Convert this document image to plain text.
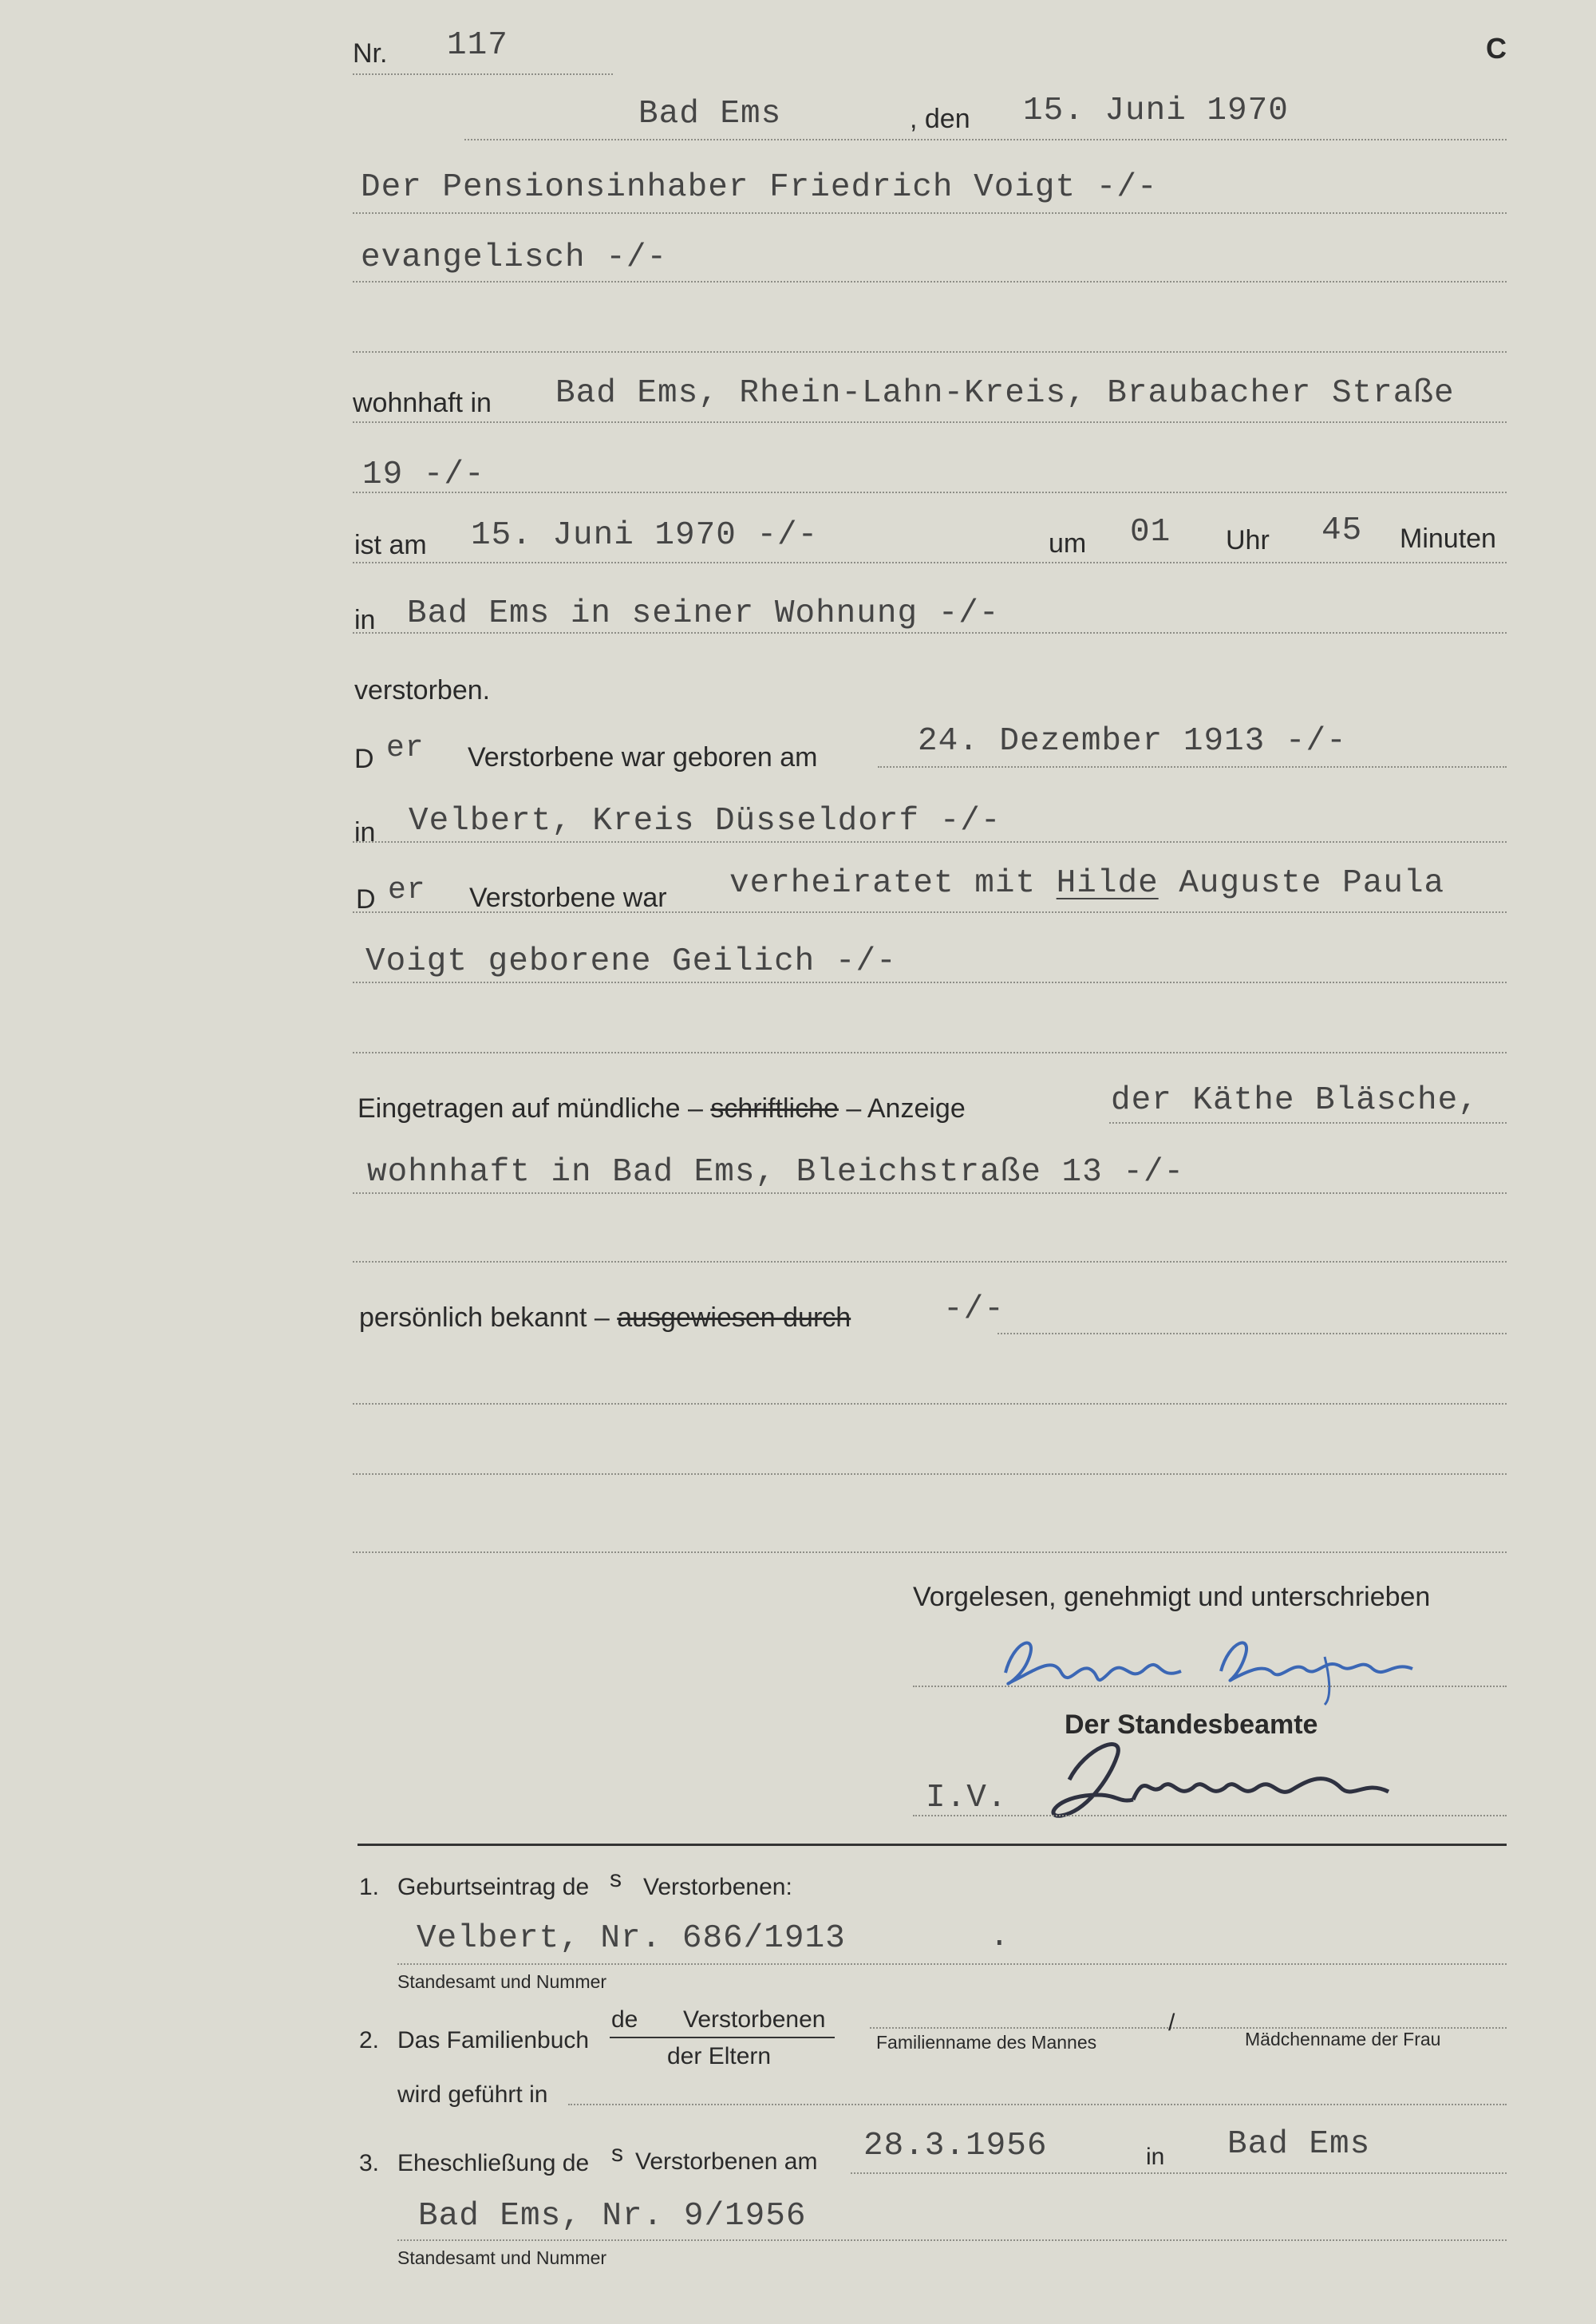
Nr. 117	C
Bad Ems	, den 15. Juni 1970
Der Pensionsinhaber Friedrich Voigt -/-
evangelisch -/-
wohnhaft in Bad Ems, Rhein-Lahn-Kreis, Braubacher Straße
19 -/-
ist am 15. Juni 1970 -/-	um 01 Uhr 45 Minuten
in Bad Ems in seiner Wohnung -/-
verstorben.
D er Verstorbene war geboren am	24. Dezember 1913 -/-
in Velbert, Kreis Düsseldorf -/-
D er Verstorbene war verheiratet mit Hilde Auguste Paula
Voigt geborene Geilich -/-
Eingetragen auf mündliche – schriftliche – Anzeige	der Käthe Bläsche,
wohnhaft in Bad Ems, Bleichstraße 13 -/-
persönlich bekannt – ausgewiesen durch	-/-
Vorgelesen, genehmigt und unterschrieben
Der Standesbeamte
I.V.
1. Geburtseintrag de s Verstorbenen:
Velbert, Nr. 686/1913	.
Standesamt und Nummer
2. Das Familienbuch
de Verstorbenen
der Eltern
Familienname des Mannes
/
Mädchenname der Frau
wird geführt in
3. Eheschließung de s Verstorbenen am 28.3.1956	in Bad Ems
Bad Ems, Nr. 9/1956
Standesamt und Nummer
